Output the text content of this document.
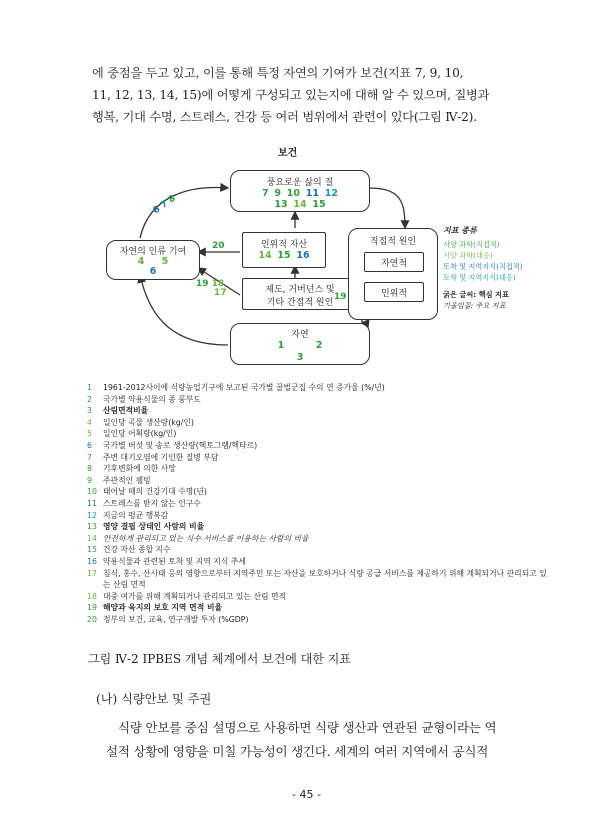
에 중점을 두고 있고, 이를 통해 특정 자연의 기여가 보건(지표 7, 9, 10,
11, 12, 13, 14, 15)에 어떻게 구성되고 있는지에 대해 알 수 있으며, 질병과
행복, 기대 수명, 스트레스, 건강 등 여러 범위에서 관련이 있다(그림 Ⅳ-2).
보건
풍요로운 삶의 질
7 9 10 11 12
13 14 15
자연의 인류 기여
4 5
6
인위적 자산
14 15 16
제도, 거버넌스 및
기타 간접적 원인
직접적 원인
자연적
인위적
자연
1	2
3
6 7 8
20
19 18
17	19
지표 종류
서양 과학(직접적)
서양 과학(대응)
토착 및 지역지식(직접적)
토착 및 지역지식(대응)
굵은 글씨: 핵심 지표
기울임꼴: 주요 지표
1	1961-2012사이에 식량농업기구에 보고된 국가별 꿀벌군집 수의 연 증가율 (%/년)
2	국가별 약용식물의 종 풍부도
3	산림면적비율
4	일인당 곡물 생산량(kg/인)
5	일인당 어획량(kg/인)
6	국가별 버섯 및 송로 생산량(헥토그램/헥타르)
7	주변 대기오염에 기인한 질병 부담
8	기후변화에 의한 사망
9	주관적인 웰빙
10 태어날 때의 건강기대 수명(년)
11 스트레스를 받지 않는 인구수
12 지금의 평균 행복감
13 영양 결핍 상태인 사람의 비율
14 안전하게 관리되고 있는 식수 서비스를 이용하는 사람의 비율
15 건강 자산 종합 지수
16 약용식물과 관련된 토착 및 지역 지식 추세
17 침식, 홍수, 산사태 등의 영향으로부터 지역주민 또는 자산을 보호하거나 식량 공급 서비스를 제공하기 위해 계획되거나 관리되고 있는 산림 면적
18 대중 여가를 위해 계획되거나 관리되고 있는 산림 면적
19 해양과 육지의 보호 지역 면적 비율
20 정부의 보건, 교육, 연구개발 투자 (%GDP)
그림 Ⅳ-2 IPBES 개념 체계에서 보건에 대한 지표
(나) 식량안보 및 주권
식량 안보를 중심 설명으로 사용하면 식량 생산과 연관된 균형이라는 역
설적 상황에 영향을 미칠 가능성이 생긴다. 세계의 여러 지역에서 공식적
- 45 -
